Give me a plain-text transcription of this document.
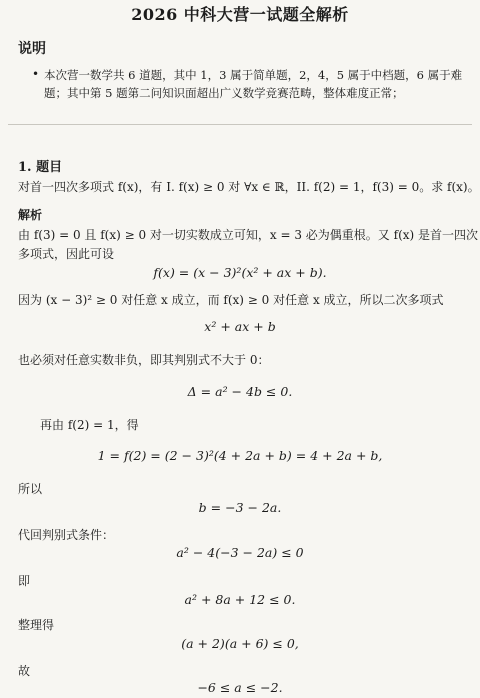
2026 中科大营一试题全解析
说明
• 本次营一数学共 6 道题，其中 1，3 属于简单题，2，4，5 属于中档题，6 属于难
题；其中第 5 题第二问知识面超出广义数学竞赛范畴，整体难度正常；
1. 题目
对首一四次多项式 f(x)，有 I. f(x) ≥ 0 对 ∀x ∈ ℝ，II. f(2) = 1，f(3) = 0。求 f(x)。
解析
由 f(3) = 0 且 f(x) ≥ 0 对一切实数成立可知，x = 3 必为偶重根。又 f(x) 是首一四次
多项式，因此可设
f(x) = (x − 3)²(x² + ax + b).
因为 (x − 3)² ≥ 0 对任意 x 成立，而 f(x) ≥ 0 对任意 x 成立，所以二次多项式
x² + ax + b
也必须对任意实数非负，即其判别式不大于 0：
Δ = a² − 4b ≤ 0.
再由 f(2) = 1，得
1 = f(2) = (2 − 3)²(4 + 2a + b) = 4 + 2a + b,
所以
b = −3 − 2a.
代回判别式条件：
a² − 4(−3 − 2a) ≤ 0
即
a² + 8a + 12 ≤ 0.
整理得
(a + 2)(a + 6) ≤ 0,
故
−6 ≤ a ≤ −2.
